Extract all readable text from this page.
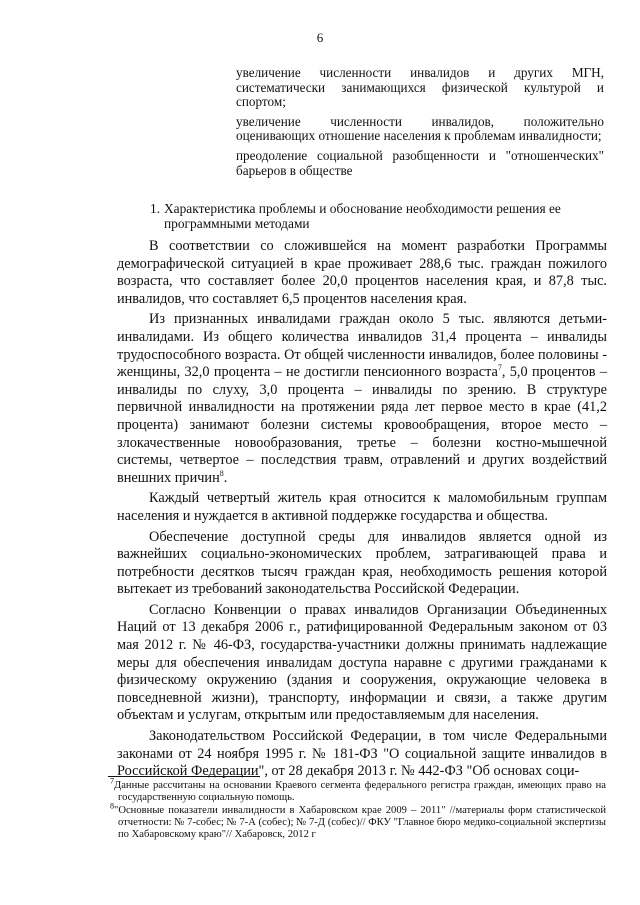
6

увеличение численности инвалидов и других МГН, систематически занимающихся физической культурой и спортом;

увеличение численности инвалидов, положительно оценивающих отношение населения к проблемам инвалидности;

преодоление социальной разобщенности и "отношенческих" барьеров в обществе

1. Характеристика проблемы и обоснование необходимости решения ее программными методами

В соответствии со сложившейся на момент разработки Программы демографической ситуацией в крае проживает 288,6 тыс. граждан пожилого возраста, что составляет более 20,0 процентов населения края, и 87,8 тыс. инвалидов, что составляет 6,5 процентов населения края.

Из признанных инвалидами граждан около 5 тыс. являются детьми-инвалидами. Из общего количества инвалидов 31,4 процента – инвалиды трудоспособного возраста. От общей численности инвалидов, более половины - женщины, 32,0 процента – не достигли пенсионного возраста$^7$, 5,0 процентов – инвалиды по слуху, 3,0 процента – инвалиды по зрению. В структуре первичной инвалидности на протяжении ряда лет первое место в крае (41,2 процента) занимают болезни системы кровообращения, второе место – злокачественные новообразования, третье – болезни костно-мышечной системы, четвертое – последствия травм, отравлений и других воздействий внешних причин$^8$.

Каждый четвертый житель края относится к маломобильным группам населения и нуждается в активной поддержке государства и общества.

Обеспечение доступной среды для инвалидов является одной из важнейших социально-экономических проблем, затрагивающей права и потребности десятков тысяч граждан края, необходимость решения которой вытекает из требований законодательства Российской Федерации.

Согласно Конвенции о правах инвалидов Организации Объединенных Наций от 13 декабря 2006 г., ратифицированной Федеральным законом от 03 мая 2012 г. № 46-ФЗ, государства-участники должны принимать надлежащие меры для обеспечения инвалидам доступа наравне с другими гражданами к физическому окружению (здания и сооружения, окружающие человека в повседневной жизни), транспорту, информации и связи, а также другим объектам и услугам, открытым или предоставляемым для населения.

Законодательством Российской Федерации, в том числе Федеральными законами от 24 ноября 1995 г. № 181-ФЗ "О социальной защите инвалидов в Российской Федерации", от 28 декабря 2013 г. № 442-ФЗ "Об основах соци-

$^7$Данные рассчитаны на основании Краевого сегмента федерального регистра граждан, имеющих право на государственную социальную помощь.
$^8$"Основные показатели инвалидности в Хабаровском крае 2009 – 2011" //материалы форм статистической отчетности: № 7-собес; № 7-А (собес); № 7-Д (собес)// ФКУ "Главное бюро медико-социальной экспертизы по Хабаровскому краю"// Хабаровск, 2012 г
